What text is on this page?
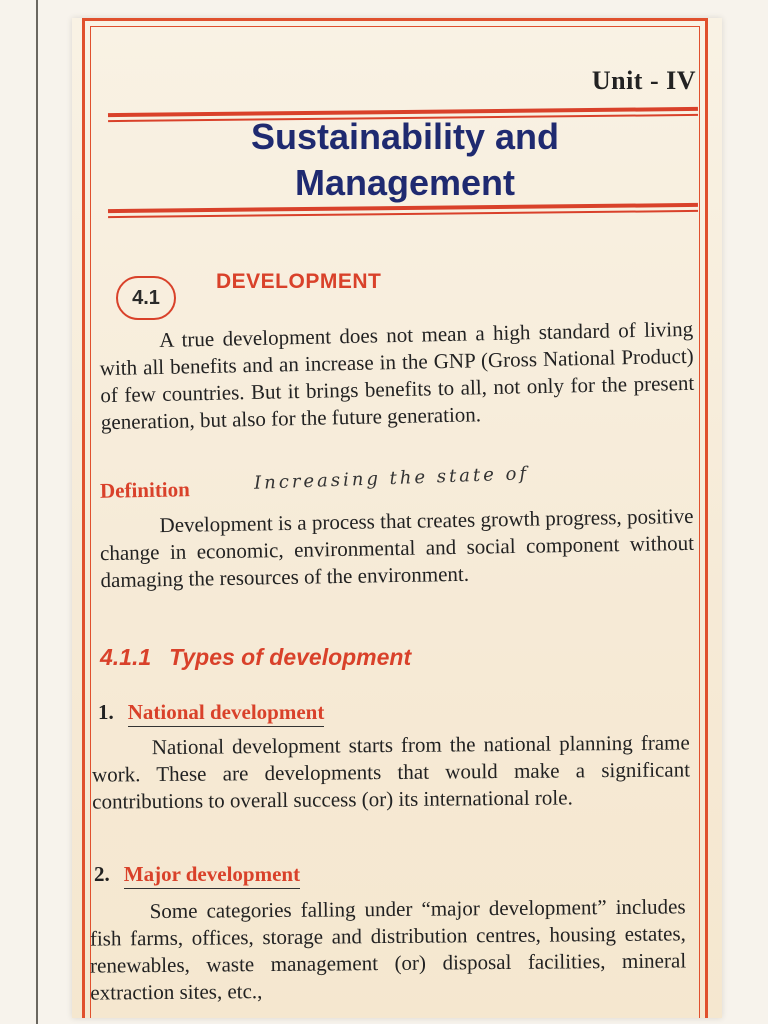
Unit - IV
Sustainability and
Management
4.1
DEVELOPMENT
A true development does not mean a high standard of living with all benefits and an increase in the GNP (Gross National Product) of few countries. But it brings benefits to all, not only for the present generation, but also for the future generation.
Definition	Increasing the state of
Development is a process that creates growth progress, positive change in economic, environmental and social component without damaging the resources of the environment.
4.1.1 Types of development
1. National development
National development starts from the national planning frame work. These are developments that would make a significant contributions to overall success (or) its international role.
2. Major development
Some categories falling under “major development” includes fish farms, offices, storage and distribution centres, housing estates, renewables, waste management (or) disposal facilities, mineral extraction sites, etc.,
